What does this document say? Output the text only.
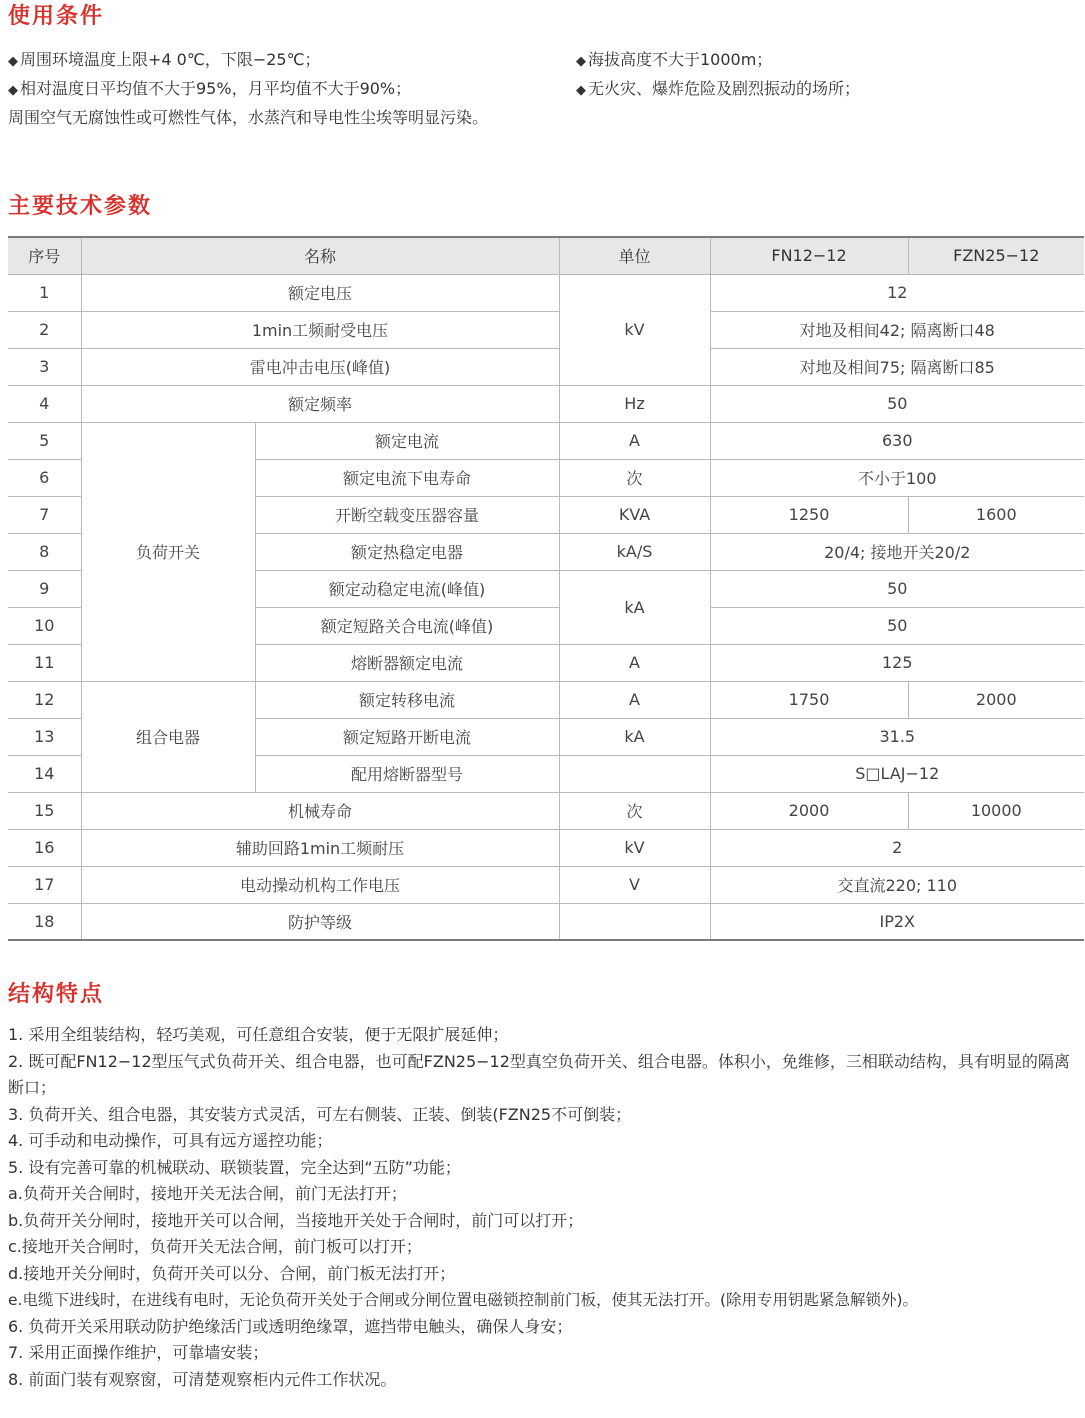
使用条件
◆ 周围环境温度上限+4 0℃，下限−25℃；	◆ 海拔高度不大于1000m；
◆ 相对温度日平均值不大于95%，月平均值不大于90%；	◆ 无火灾、爆炸危险及剧烈振动的场所；
周围空气无腐蚀性或可燃性气体，水蒸汽和导电性尘埃等明显污染。
主要技术参数
序号	名称		单位	FN12−12	FZN25−12
1	额定电压		kV	12	
2	1min工频耐受电压			对地及相间42; 隔离断口48	
3	雷电冲击电压(峰值)			对地及相间75; 隔离断口85	
4	额定频率		Hz	50	
5	负荷开关	额定电流	A	630	
6		额定电流下电寿命	次	不小于100	
7		开断空载变压器容量	KVA	1250	1600
8		额定热稳定电器	kA/S	20/4; 接地开关20/2	
9		额定动稳定电流(峰值)	kA	50	
10		额定短路关合电流(峰值)		50	
11		熔断器额定电流	A	125	
12	组合电器	额定转移电流	A	1750	2000
13		额定短路开断电流	kA	31.5	
14		配用熔断器型号		S□LAJ−12	
15	机械寿命		次	2000	10000
16	辅助回路1min工频耐压		kV	2	
17	电动操动机构工作电压		V	交直流220; 110	
18	防护等级			IP2X	
结构特点
1. 采用全组装结构，轻巧美观，可任意组合安装，便于无限扩展延伸；
2. 既可配FN12−12型压气式负荷开关、组合电器，也可配FZN25−12型真空负荷开关、组合电器。体积小，免维修，三相联动结构，具有明显的隔离断口；
3. 负荷开关、组合电器，其安装方式灵活，可左右侧装、正装、倒装(FZN25不可倒装；
4. 可手动和电动操作，可具有远方遥控功能；
5. 设有完善可靠的机械联动、联锁装置，完全达到“五防”功能；
a.负荷开关合闸时，接地开关无法合闸，前门无法打开；
b.负荷开关分闸时，接地开关可以合闸，当接地开关处于合闸时，前门可以打开；
c.接地开关合闸时，负荷开关无法合闸，前门板可以打开；
d.接地开关分闸时，负荷开关可以分、合闸，前门板无法打开；
e.电缆下进线时，在进线有电时，无论负荷开关处于合闸或分闸位置电磁锁控制前门板，使其无法打开。(除用专用钥匙紧急解锁外)。
6. 负荷开关采用联动防护绝缘活门或透明绝缘罩，遮挡带电触头，确保人身安；
7. 采用正面操作维护，可靠墙安装；
8. 前面门装有观察窗，可清楚观察柜内元件工作状况。
